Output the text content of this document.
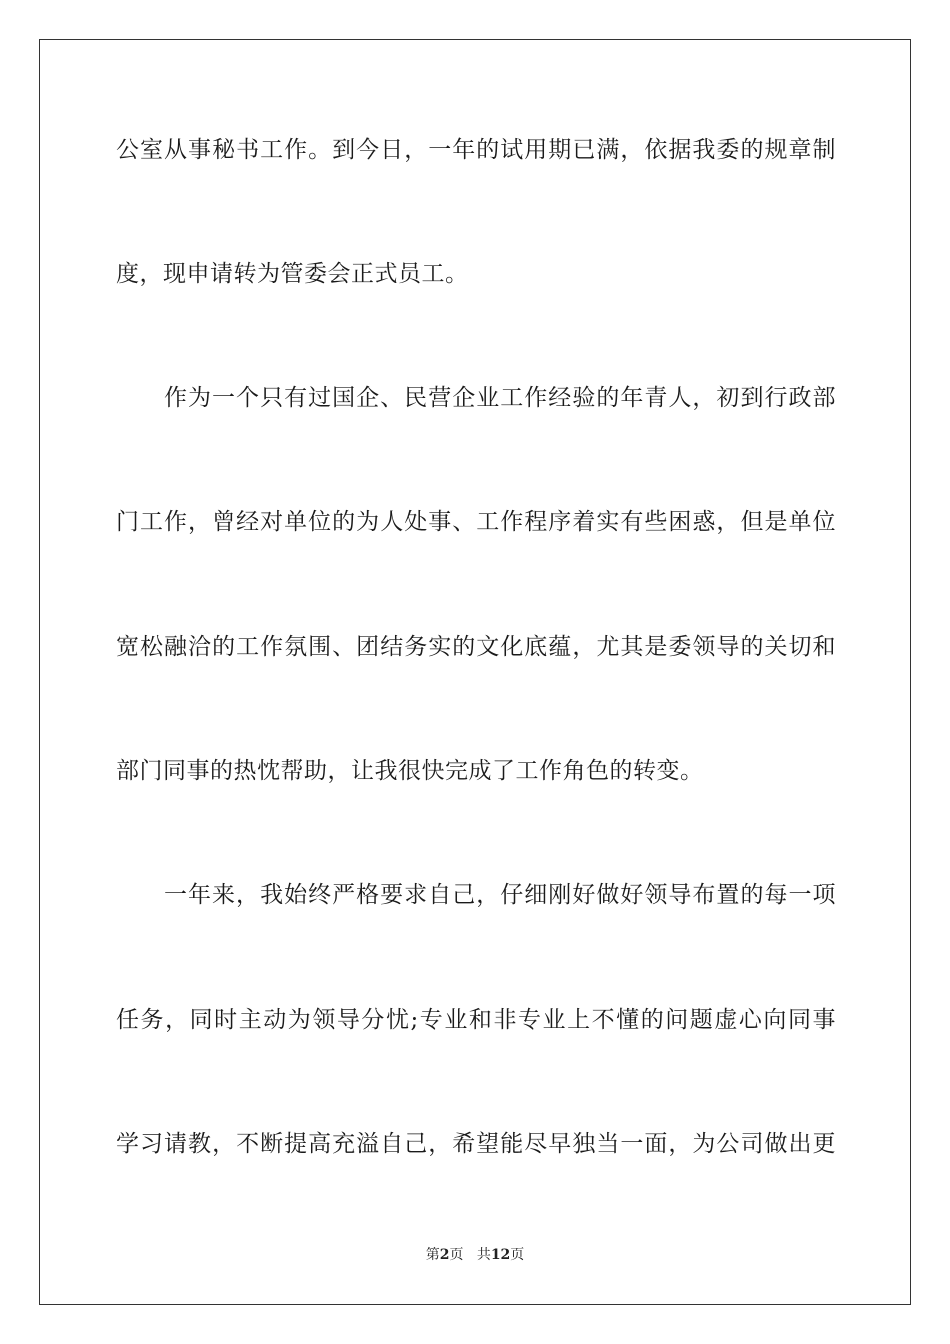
公室从事秘书工作。到今日，一年的试用期已满，依据我委的规章制
度，现申请转为管委会正式员工。
作为一个只有过国企、民营企业工作经验的年青人，初到行政部
门工作，曾经对单位的为人处事、工作程序着实有些困惑，但是单位
宽松融洽的工作氛围、团结务实的文化底蕴，尤其是委领导的关切和
部门同事的热忱帮助，让我很快完成了工作角色的转变。
一年来，我始终严格要求自己，仔细刚好做好领导布置的每一项
任务，同时主动为领导分忧;专业和非专业上不懂的问题虚心向同事
学习请教，不断提高充溢自己，希望能尽早独当一面，为公司做出更
第2页 共12页
